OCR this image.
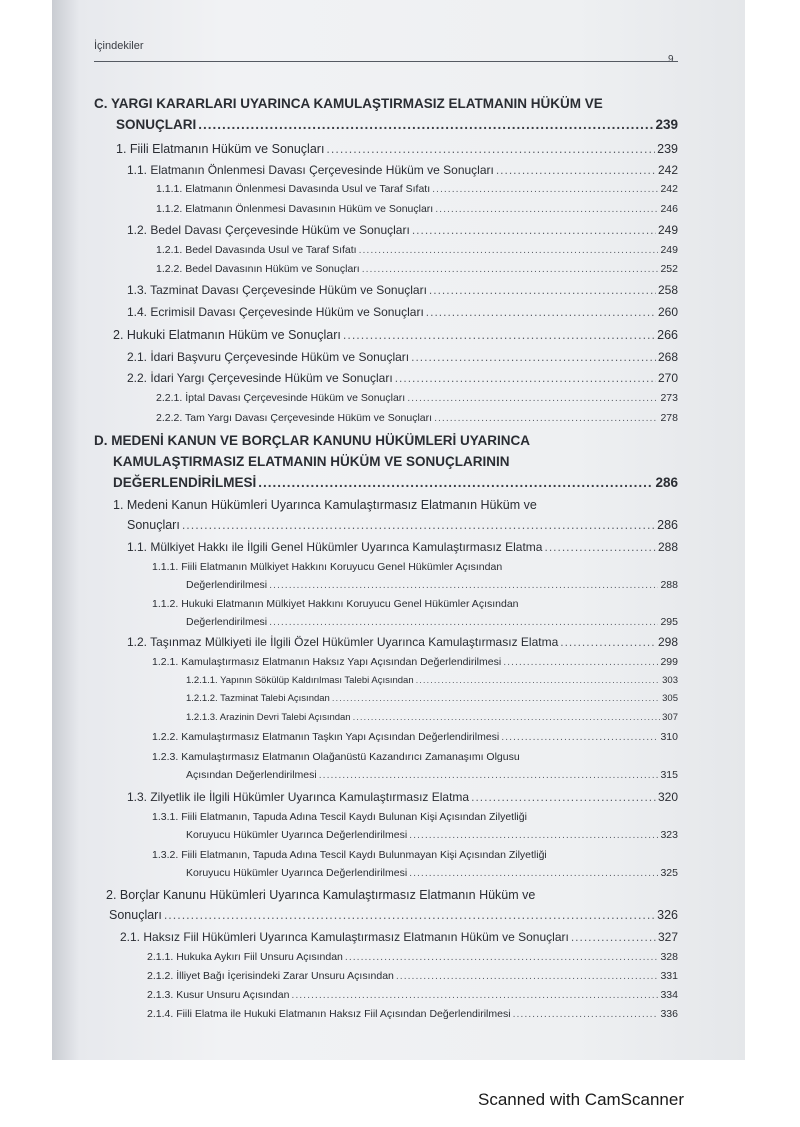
İçindekiler
9
C. YARGI KARARLARI UYARINCA KAMULAŞTIRMASIZ ELATMANIN HÜKÜM VE
SONUÇLARI .....	239
1. Fiili Elatmanın Hüküm ve Sonuçları .....	239
1.1. Elatmanın Önlenmesi Davası Çerçevesinde Hüküm ve Sonuçları .....	242
1.1.1. Elatmanın Önlenmesi Davasında Usul ve Taraf Sıfatı .....	242
1.1.2. Elatmanın Önlenmesi Davasının Hüküm ve Sonuçları .....	246
1.2. Bedel Davası Çerçevesinde Hüküm ve Sonuçları .....	249
1.2.1. Bedel Davasında Usul ve Taraf Sıfatı .....	249
1.2.2. Bedel Davasının Hüküm ve Sonuçları .....	252
1.3. Tazminat Davası Çerçevesinde Hüküm ve Sonuçları .....	258
1.4. Ecrimisil Davası Çerçevesinde Hüküm ve Sonuçları .....	260
2. Hukuki Elatmanın Hüküm ve Sonuçları .....	266
2.1. İdari Başvuru Çerçevesinde Hüküm ve Sonuçları .....	268
2.2. İdari Yargı Çerçevesinde Hüküm ve Sonuçları .....	270
2.2.1. İptal Davası Çerçevesinde Hüküm ve Sonuçları .....	273
2.2.2. Tam Yargı Davası Çerçevesinde Hüküm ve Sonuçları .....	278
D. MEDENİ KANUN VE BORÇLAR KANUNU HÜKÜMLERİ UYARINCA
KAMULAŞTIRMASIZ ELATMANIN HÜKÜM VE SONUÇLARININ
DEĞERLENDİRİLMESİ .....	286
1. Medeni Kanun Hükümleri Uyarınca Kamulaştırmasız Elatmanın Hüküm ve
Sonuçları .....	286
1.1. Mülkiyet Hakkı ile İlgili Genel Hükümler Uyarınca Kamulaştırmasız Elatma .....	288
1.1.1. Fiili Elatmanın Mülkiyet Hakkını Koruyucu Genel Hükümler Açısından
Değerlendirilmesi .....	288
1.1.2. Hukuki Elatmanın Mülkiyet Hakkını Koruyucu Genel Hükümler Açısından
Değerlendirilmesi .....	295
1.2. Taşınmaz Mülkiyeti ile İlgili Özel Hükümler Uyarınca Kamulaştırmasız Elatma .....	298
1.2.1. Kamulaştırmasız Elatmanın Haksız Yapı Açısından Değerlendirilmesi .....	299
1.2.1.1. Yapının Sökülüp Kaldırılması Talebi Açısından .....	303
1.2.1.2. Tazminat Talebi Açısından .....	305
1.2.1.3. Arazinin Devri Talebi Açısından .....	307
1.2.2. Kamulaştırmasız Elatmanın Taşkın Yapı Açısından Değerlendirilmesi .....	310
1.2.3. Kamulaştırmasız Elatmanın Olağanüstü Kazandırıcı Zamanaşımı Olgusu
Açısından Değerlendirilmesi .....	315
1.3. Zilyetlik ile İlgili Hükümler Uyarınca Kamulaştırmasız Elatma .....	320
1.3.1. Fiili Elatmanın, Tapuda Adına Tescil Kaydı Bulunan Kişi Açısından Zilyetliği
Koruyucu Hükümler Uyarınca Değerlendirilmesi .....	323
1.3.2. Fiili Elatmanın, Tapuda Adına Tescil Kaydı Bulunmayan Kişi Açısından Zilyetliği
Koruyucu Hükümler Uyarınca Değerlendirilmesi .....	325
2. Borçlar Kanunu Hükümleri Uyarınca Kamulaştırmasız Elatmanın Hüküm ve
Sonuçları .....	326
2.1. Haksız Fiil Hükümleri Uyarınca Kamulaştırmasız Elatmanın Hüküm ve Sonuçları .....	327
2.1.1. Hukuka Aykırı Fiil Unsuru Açısından .....	328
2.1.2. İlliyet Bağı İçerisindeki Zarar Unsuru Açısından .....	331
2.1.3. Kusur Unsuru Açısından .....	334
2.1.4. Fiili Elatma ile Hukuki Elatmanın Haksız Fiil Açısından Değerlendirilmesi .....	336
Scanned with CamScanner
